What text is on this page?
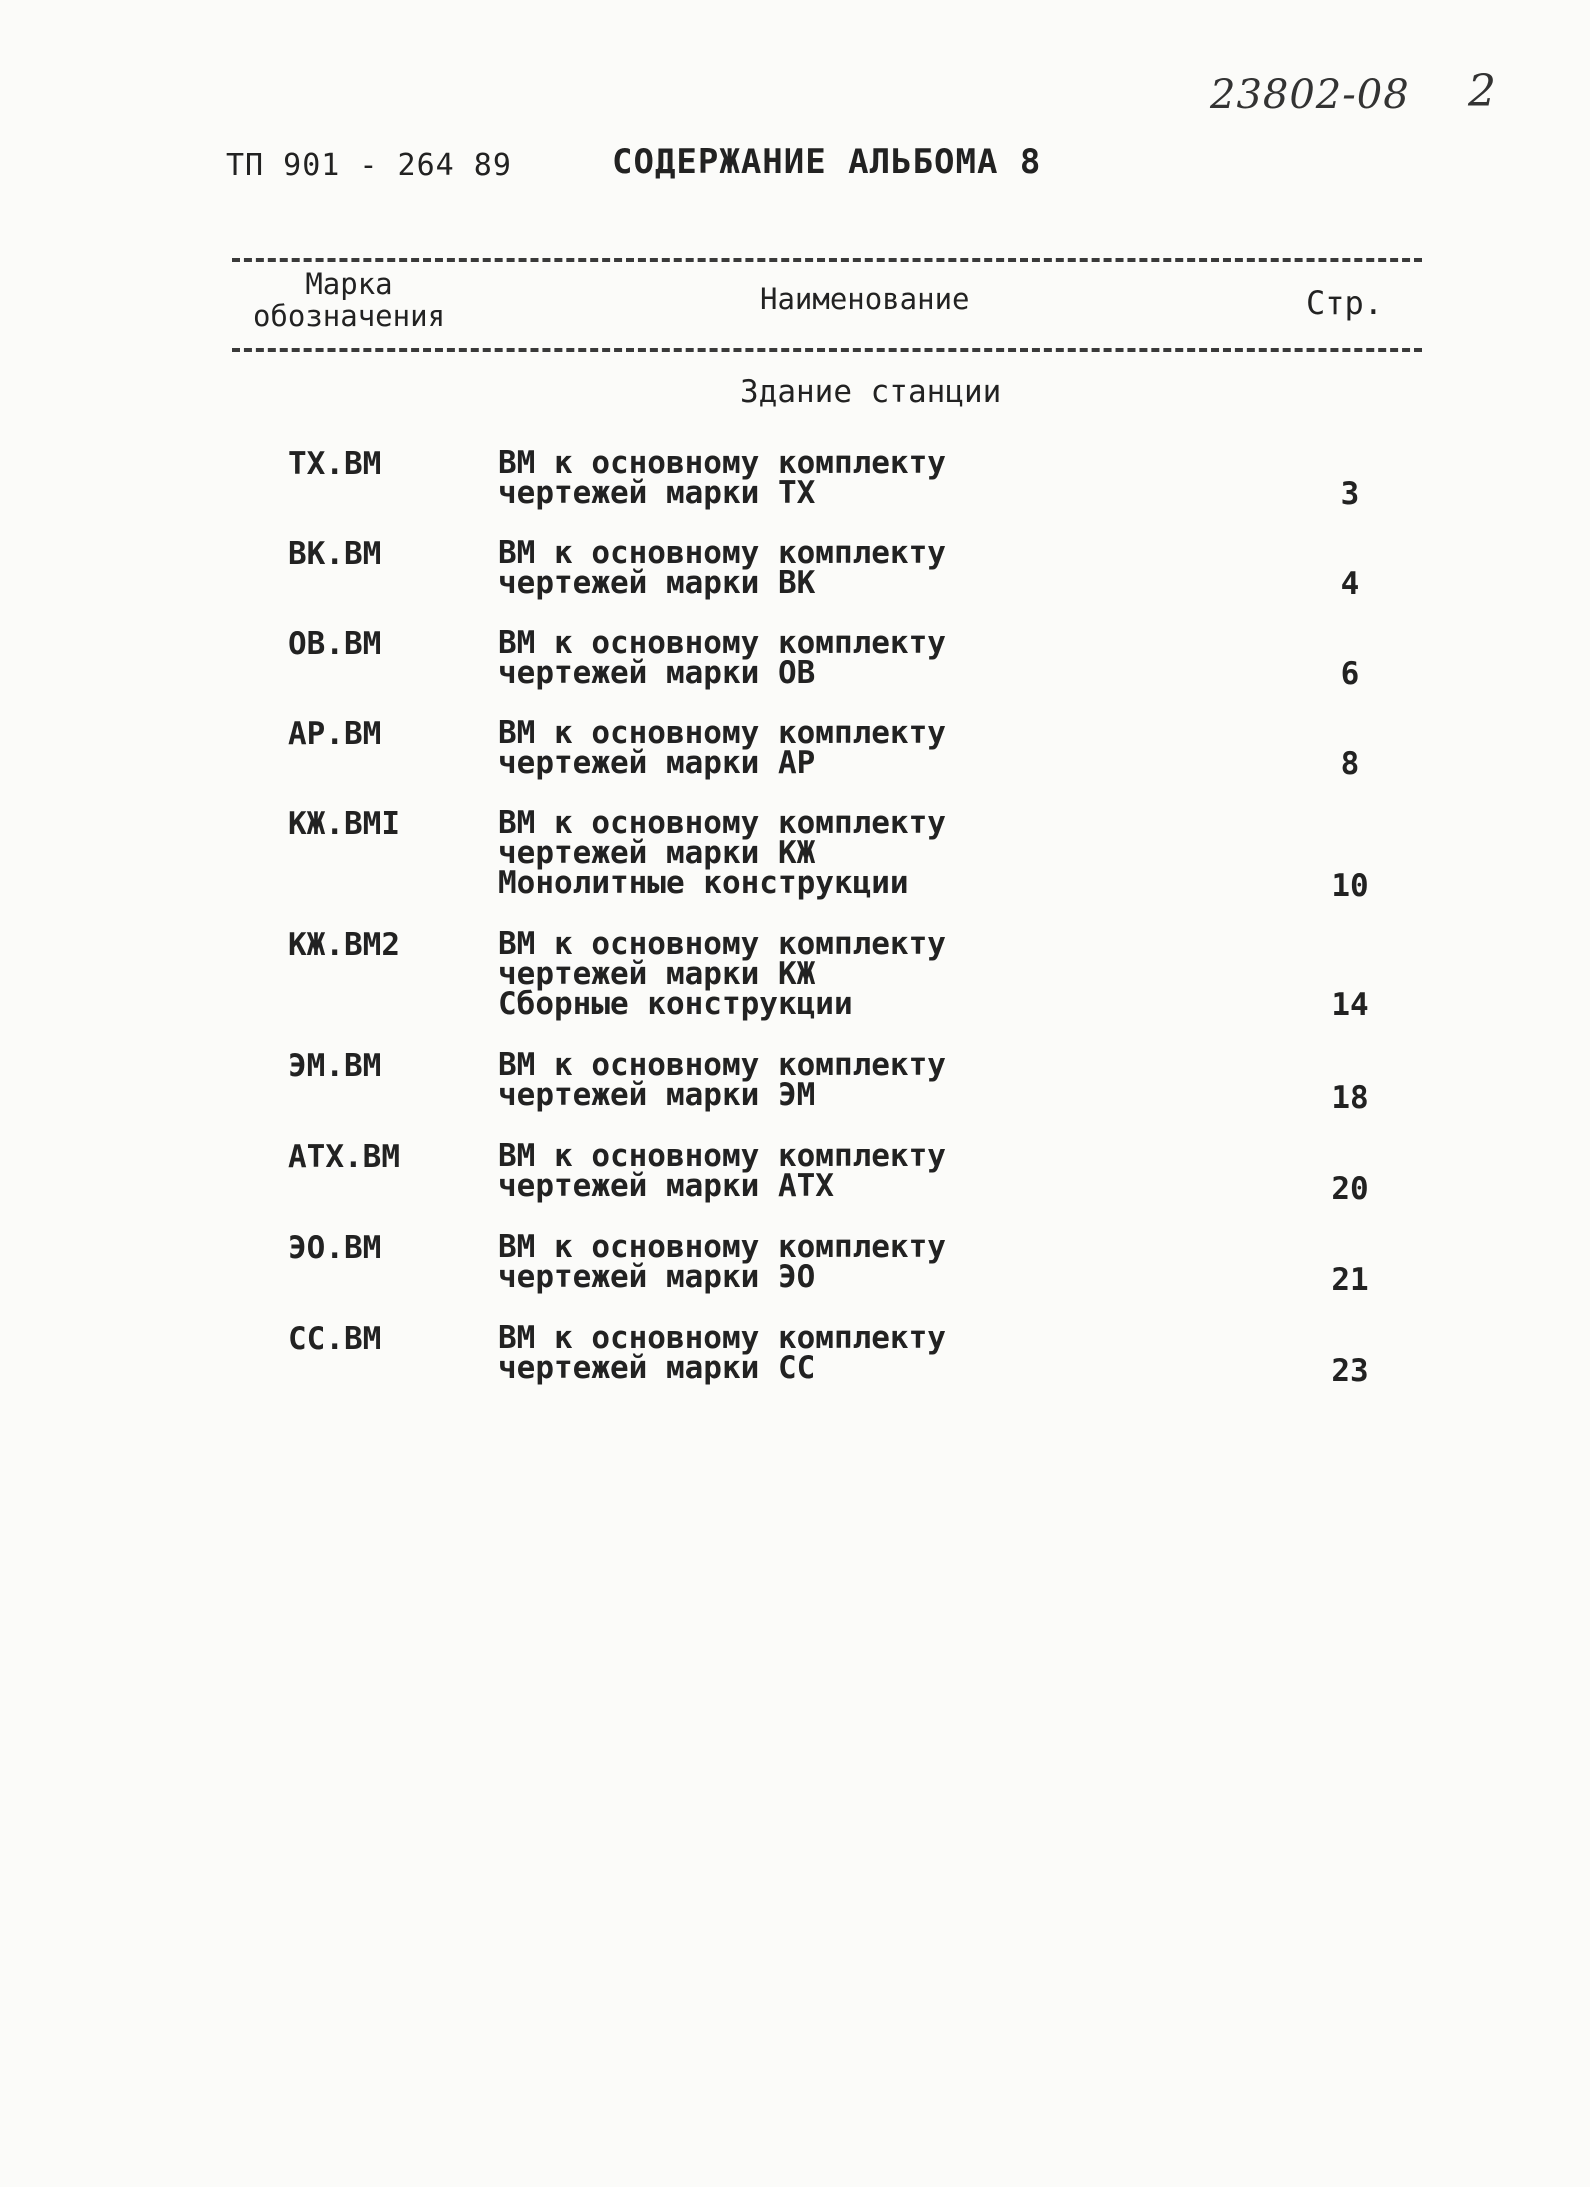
23802-08 2
ТП 901 - 264 89	СОДЕРЖАНИЕ АЛЬБОМА 8
Марка
обозначения	Наименование	Стр.
Здание станции
ТХ.ВМ	ВМ к основному комплекту
чертежей марки ТХ	3
ВК.ВМ	ВМ к основному комплекту
чертежей марки ВК	4
ОВ.ВМ	ВМ к основному комплекту
чертежей марки ОВ	6
АР.ВМ	ВМ к основному комплекту
чертежей марки АР	8
КЖ.ВМI	ВМ к основному комплекту
чертежей марки КЖ
Монолитные конструкции	10
КЖ.ВМ2	ВМ к основному комплекту
чертежей марки КЖ
Сборные конструкции	14
ЭМ.ВМ	ВМ к основному комплекту
чертежей марки ЭМ	18
АТХ.ВМ	ВМ к основному комплекту
чертежей марки АТХ	20
ЭО.ВМ	ВМ к основному комплекту
чертежей марки ЭО	21
СС.ВМ	ВМ к основному комплекту
чертежей марки СС	23
